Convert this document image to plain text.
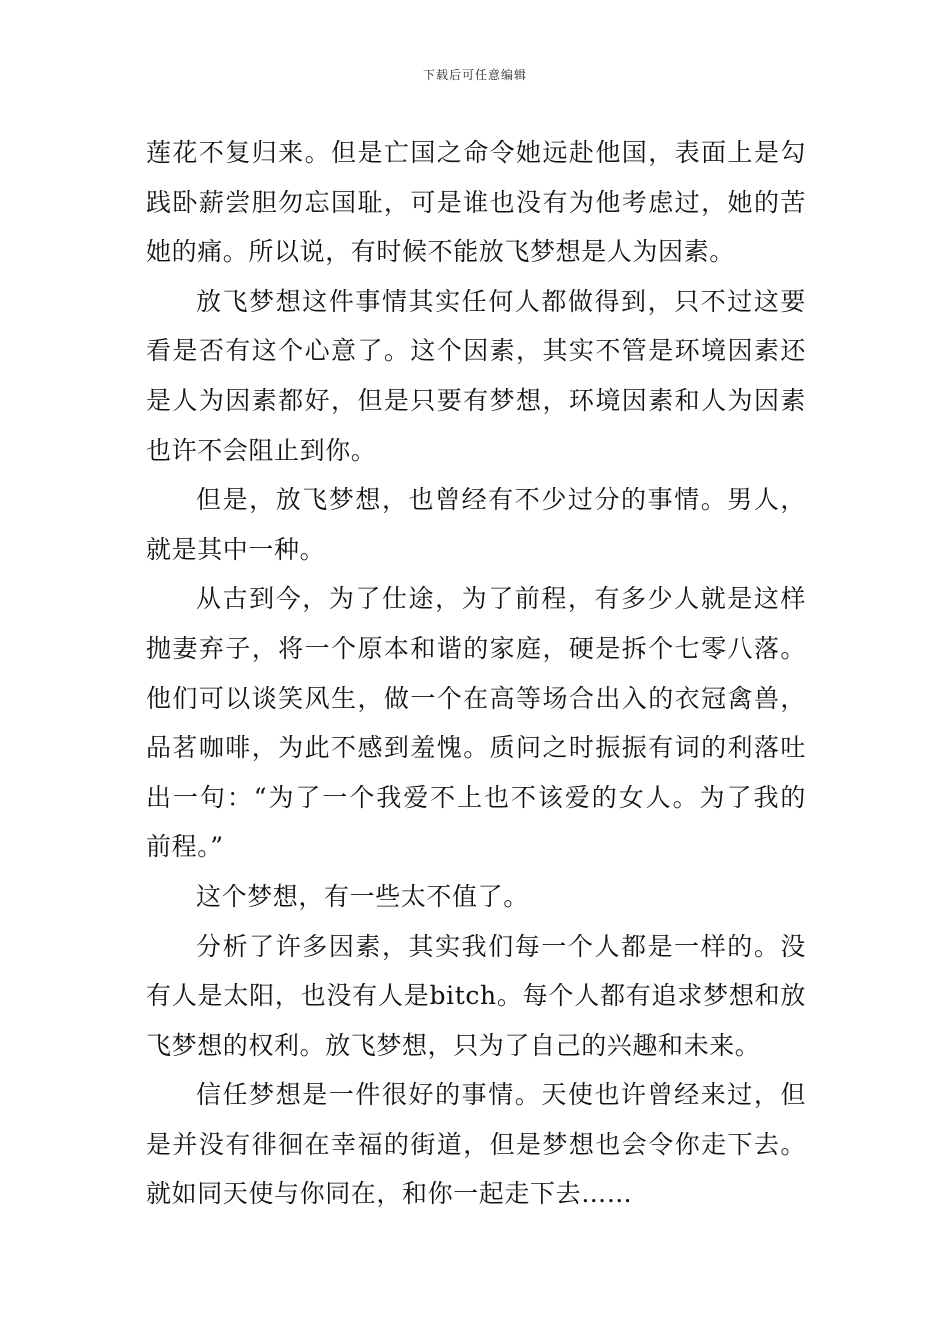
下载后可任意编辑
莲花不复归来。但是亡国之命令她远赴他国，表面上是勾
践卧薪尝胆勿忘国耻，可是谁也没有为他考虑过，她的苦
她的痛。所以说，有时候不能放飞梦想是人为因素。
放飞梦想这件事情其实任何人都做得到，只不过这要
看是否有这个心意了。这个因素，其实不管是环境因素还
是人为因素都好，但是只要有梦想，环境因素和人为因素
也许不会阻止到你。
但是，放飞梦想，也曾经有不少过分的事情。男人，
就是其中一种。
从古到今，为了仕途，为了前程，有多少人就是这样
抛妻弃子，将一个原本和谐的家庭，硬是拆个七零八落。
他们可以谈笑风生，做一个在高等场合出入的衣冠禽兽，
品茗咖啡，为此不感到羞愧。质问之时振振有词的利落吐
出一句：“为了一个我爱不上也不该爱的女人。为了我的
前程。”
这个梦想，有一些太不值了。
分析了许多因素，其实我们每一个人都是一样的。没
有人是太阳，也没有人是bitch。每个人都有追求梦想和放
飞梦想的权利。放飞梦想，只为了自己的兴趣和未来。
信任梦想是一件很好的事情。天使也许曾经来过，但
是并没有徘徊在幸福的街道，但是梦想也会令你走下去。
就如同天使与你同在，和你一起走下去……
